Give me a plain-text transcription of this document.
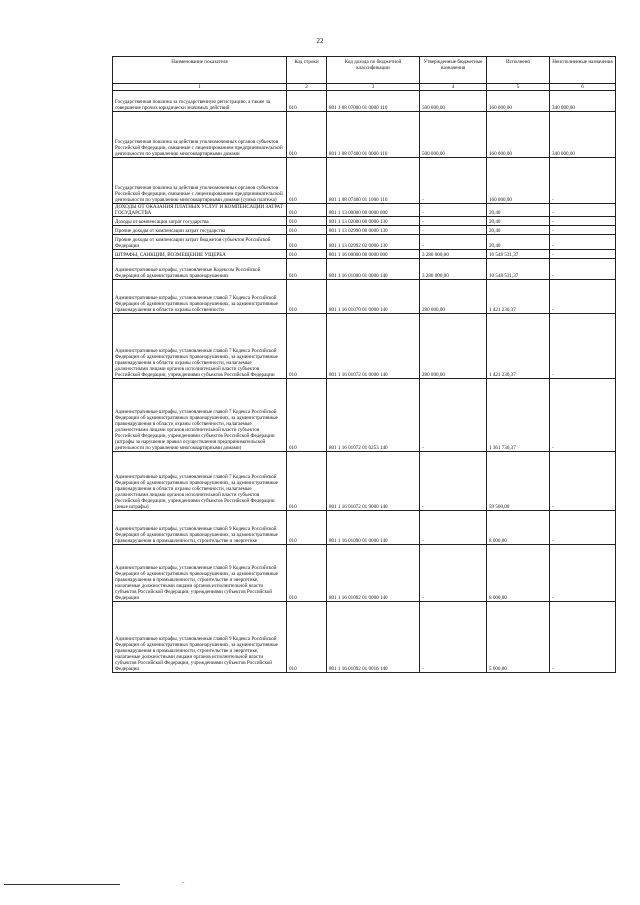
22
Наименование показателя	Код строки	Код дохода по бюджетной классификации	Утвержденные бюджетные назначения	Исполнено	Неисполненные назначения
1	2	3	4	5	6
Государственная пошлина за государственную регистрацию, а также за совершение прочих юридически значимых действий	010	801 1 08 07000 01 0000 110	500 000,00	160 000,00	340 000,00
Государственная пошлина за действия уполномоченных органов субъектов Российской Федерации, связанные с лицензированием предпринимательской деятельности по управлению многоквартирными домами	010	801 1 08 07400 01 0000 110	500 000,00	160 000,00	340 000,00
Государственная пошлина за действия уполномоченных органов субъектов Российской Федерации, связанные с лицензированием предпринимательской деятельности по управлению многоквартирными домами (сумма платежа)	010	801 1 08 07400 01 1000 110	-	160 000,00	-
ДОХОДЫ ОТ ОКАЗАНИЯ ПЛАТНЫХ УСЛУГ И КОМПЕНСАЦИИ ЗАТРАТ ГОСУДАРСТВА	010	801 1 13 00000 00 0000 000	-	20,40	-
Доходы от компенсации затрат государства	010	801 1 13 02000 00 0000 130	-	20,40	-
Прочие доходы от компенсации затрат государства	010	801 1 13 02990 00 0000 130	-	20,40	-
Прочие доходы от компенсации затрат бюджетов субъектов Российской Федерации	010	801 1 13 02992 02 0000 130	-	20,40	-
ШТРАФЫ, САНКЦИИ, ВОЗМЕЩЕНИЕ УЩЕРБА	010	801 1 16 00000 00 0000 000	3 280 000,00	10 548 531,37	-
Административные штрафы, установленные Кодексом Российской Федерации об административных правонарушениях	010	801 1 16 01000 01 0000 140	3 280 000,00	10 548 531,37	-
Административные штрафы, установленные главой 7 Кодекса Российской Федерации об административных правонарушениях, за административные правонарушения в области охраны собственности	010	801 1 16 01070 01 0000 140	280 000,00	1 421 230,37	-
Административные штрафы, установленные главой 7 Кодекса Российской Федерации об административных правонарушениях, за административные правонарушения в области охраны собственности, налагаемые должностными лицами органов исполнительной власти субъектов Российской Федерации, учреждениями субъектов Российской Федерации	010	801 1 16 01072 01 0000 140	280 000,00	1 421 230,37	-
Административные штрафы, установленные главой 7 Кодекса Российской Федерации об административных правонарушениях, за административные правонарушения в области охраны собственности, налагаемые должностными лицами органов исполнительной власти субъектов Российской Федерации, учреждениями субъектов Российской Федерации (штрафы за нарушение правил осуществления предпринимательской деятельности по управлению многоквартирными домами)	010	801 1 16 01072 01 0253 140	-	1 361 730,37	-
Административные штрафы, установленные главой 7 Кодекса Российской Федерации об административных правонарушениях, за административные правонарушения в области охраны собственности, налагаемые должностными лицами органов исполнительной власти субъектов Российской Федерации, учреждениями субъектов Российской Федерации (иные штрафы)	010	801 1 16 01072 01 9000 140	-	59 500,00	-
Административные штрафы, установленные главой 9 Кодекса Российской Федерации об административных правонарушениях, за административные правонарушения в промышленности, строительстве и энергетике	010	801 1 16 01090 01 0000 140	-	8 000,00	-
Административные штрафы, установленные главой 9 Кодекса Российской Федерации об административных правонарушениях, за административные правонарушения в промышленности, строительстве и энергетике, налагаемые должностными лицами органов исполнительной власти субъектов Российской Федерации, учреждениями субъектов Российской Федерации	010	801 1 16 01092 01 0000 140	-	8 000,00	-
Административные штрафы, установленные главой 9 Кодекса Российской Федерации об административных правонарушениях, за административные правонарушения в промышленности, строительстве и энергетике, налагаемые должностными лицами органов исполнительной власти субъектов Российской Федерации, учреждениями субъектов Российской Федерации	010	801 1 16 01092 01 0016 140	-	5 000,00	-
..
